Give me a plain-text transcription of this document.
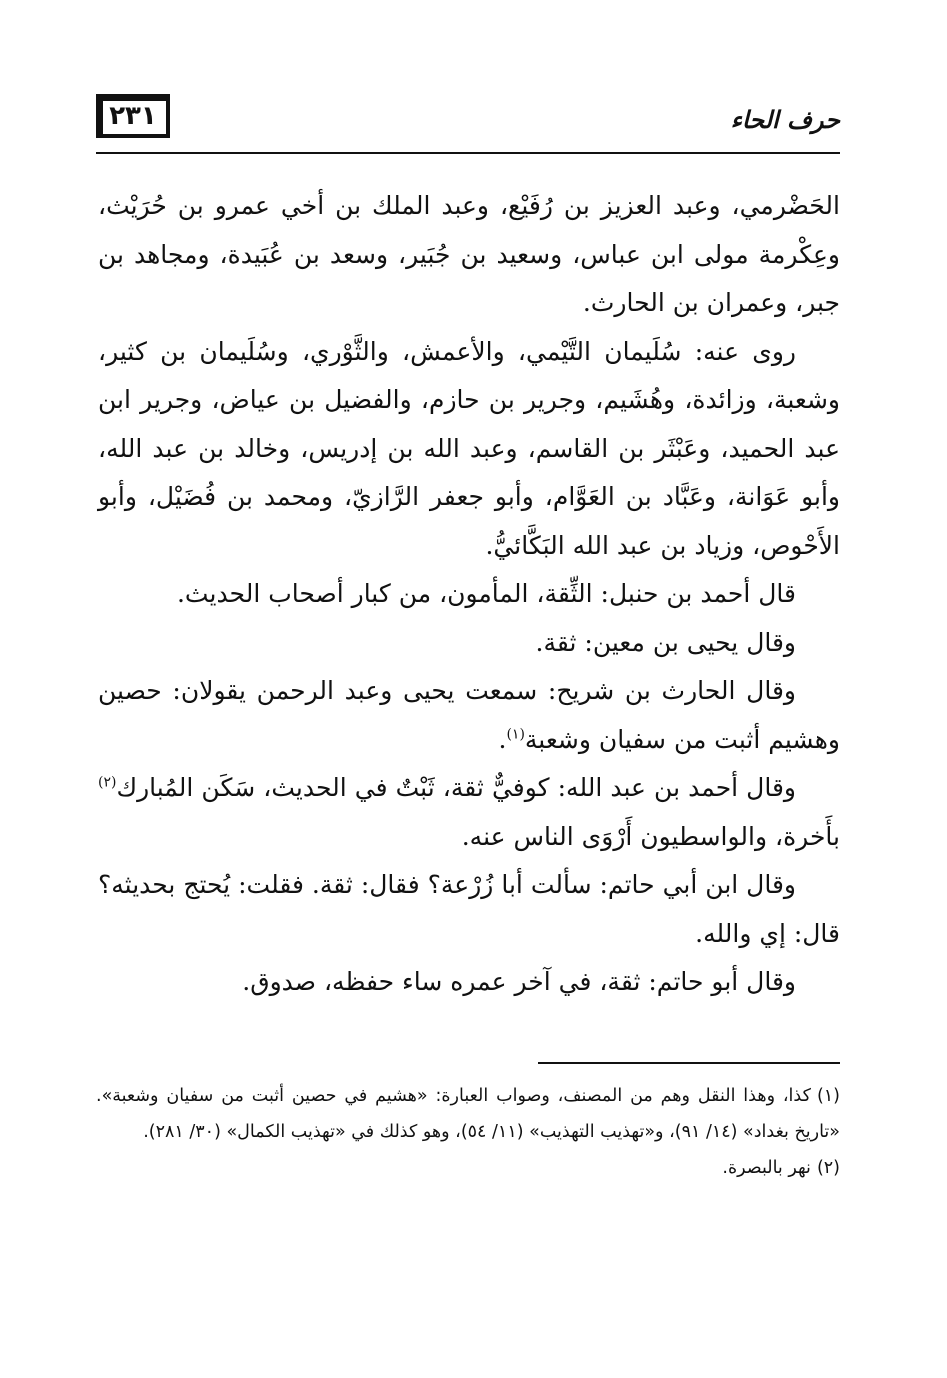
٢٣١	حرف الحاء

الحَضْرمي، وعبد العزيز بن رُفَيْع، وعبد الملك بن أخي عمرو بن حُرَيْث، وعِكْرمة مولى ابن عباس، وسعيد بن جُبَير، وسعد بن عُبَيدة، ومجاهد بن جبر، وعمران بن الحارث.

روى عنه: سُلَيمان التَّيْمي، والأعمش، والثَّوْري، وسُلَيمان بن كثير، وشعبة، وزائدة، وهُشَيم، وجرير بن حازم، والفضيل بن عياض، وجرير ابن عبد الحميد، وعَبْثَر بن القاسم، وعبد الله بن إدريس، وخالد بن عبد الله، وأبو عَوَانة، وعَبَّاد بن العَوَّام، وأبو جعفر الرَّازيّ، ومحمد بن فُضَيْل، وأبو الأَحْوص، وزياد بن عبد الله البَكَّائيُّ.

قال أحمد بن حنبل: الثِّقة، المأمون، من كبار أصحاب الحديث.

وقال يحيى بن معين: ثقة.

وقال الحارث بن شريح: سمعت يحيى وعبد الرحمن يقولان: حصين وهشيم أثبت من سفيان وشعبة$^{(١)}$.

وقال أحمد بن عبد الله: كوفيٌّ ثقة، ثَبْتٌ في الحديث، سَكَن المُبارك$^{(٢)}$ بأَخرة، والواسطيون أَرْوَى الناس عنه.

وقال ابن أبي حاتم: سألت أبا زُرْعة؟ فقال: ثقة. فقلت: يُحتج بحديثه؟ قال: إي والله.

وقال أبو حاتم: ثقة، في آخر عمره ساء حفظه، صدوق.

(١)كذا، وهذا النقل وهم من المصنف، وصواب العبارة: «هشيم في حصين أثبت من سفيان وشعبة». «تاريخ بغداد» (١٤/ ٩١)، و«تهذيب التهذيب» (١١/ ٥٤)، وهو كذلك في «تهذيب الكمال» (٣٠/ ٢٨١).

(٢)نهر بالبصرة.
